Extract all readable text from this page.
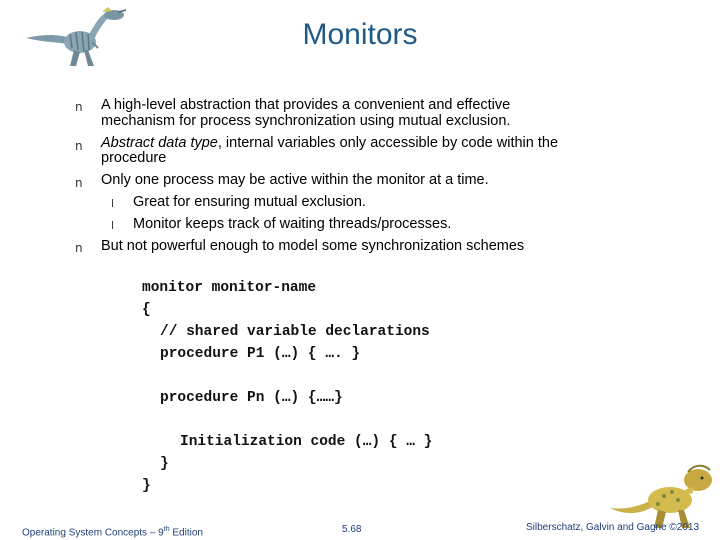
Monitors
n A high-level abstraction that provides a convenient and effective
mechanism for process synchronization using mutual exclusion.
n Abstract data type, internal variables only accessible by code within the
procedure
n Only one process may be active within the monitor at a time.
l Great for ensuring mutual exclusion.
l Monitor keeps track of waiting threads/processes.
n But not powerful enough to model some synchronization schemes
monitor monitor-name
{
// shared variable declarations
procedure P1 (…) { …. }
procedure Pn (…) {……}
Initialization code (…) { … }
}
}
Operating System Concepts – 9th Edition	5.68	Silberschatz, Galvin and Gagne ©2013
